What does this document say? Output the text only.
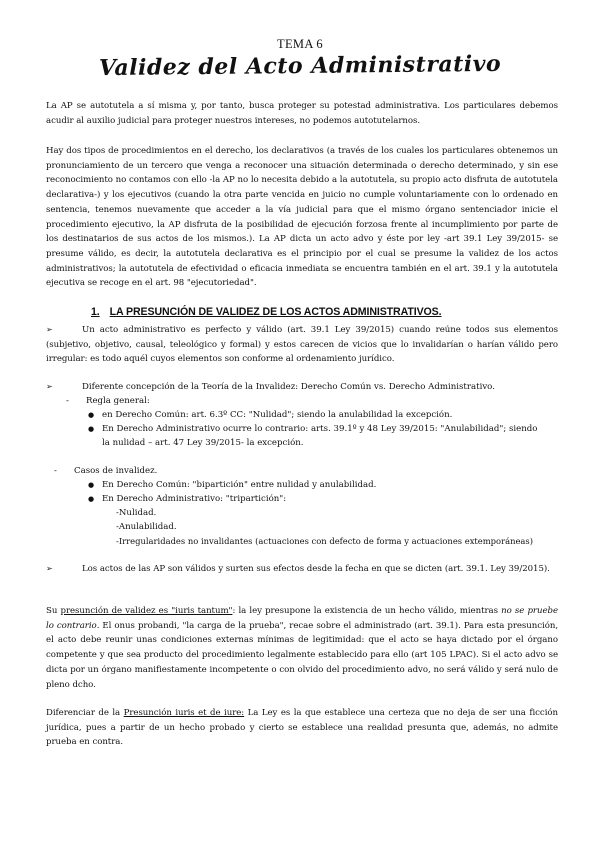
TEMA 6
Validez del Acto Administrativo

La AP se autotutela a sí misma y, por tanto, busca proteger su potestad administrativa. Los particulares debemos acudir al auxilio judicial para proteger nuestros intereses, no podemos autotutelarnos.

Hay dos tipos de procedimientos en el derecho, los declarativos (a través de los cuales los particulares obtenemos un pronunciamiento de un tercero que venga a reconocer una situación determinada o derecho determinado, y sin ese reconocimiento no contamos con ello -la AP no lo necesita debido a la autotutela, su propio acto disfruta de autotutela declarativa-) y los ejecutivos (cuando la otra parte vencida en juicio no cumple voluntariamente con lo ordenado en sentencia, tenemos nuevamente que acceder a la vía judicial para que el mismo órgano sentenciador inicie el procedimiento ejecutivo, la AP disfruta de la posibilidad de ejecución forzosa frente al incumplimiento por parte de los destinatarios de sus actos de los mismos.). La AP dicta un acto advo y éste por ley -art 39.1 Ley 39/2015- se presume válido, es decir, la autotutela declarativa es el principio por el cual se presume la validez de los actos administrativos; la autotutela de efectividad o eficacia inmediata se encuentra también en el art. 39.1 y la autotutela ejecutiva se recoge en el art. 98 "ejecutoriedad".

1. LA PRESUNCIÓN DE VALIDEZ DE LOS ACTOS ADMINISTRATIVOS.

➢	Un acto administrativo es perfecto y válido (art. 39.1 Ley 39/2015) cuando reúne todos sus elementos (subjetivo, objetivo, causal, teleológico y formal) y estos carecen de vicios que lo invalidarían o harían válido pero irregular: es todo aquél cuyos elementos son conforme al ordenamiento jurídico.

➢	Diferente concepción de la Teoría de la Invalidez: Derecho Común vs. Derecho Administrativo.
- Regla general:
● en Derecho Común: art. 6.3º CC: "Nulidad"; siendo la anulabilidad la excepción.
● En Derecho Administrativo ocurre lo contrario: arts. 39.1º y 48 Ley 39/2015: "Anulabilidad"; siendo
la nulidad – art. 47 Ley 39/2015- la excepción.
- Casos de invalidez.
● En Derecho Común: "bipartición" entre nulidad y anulabilidad.
● En Derecho Administrativo: "tripartición":
-Nulidad.
-Anulabilidad.
-Irregularidades no invalidantes (actuaciones con defecto de forma y actuaciones extemporáneas)

➢	Los actos de las AP son válidos y surten sus efectos desde la fecha en que se dicten (art. 39.1. Ley 39/2015).

Su presunción de validez es "iuris tantum": la ley presupone la existencia de un hecho válido, mientras no se pruebe lo contrario. El onus probandi, "la carga de la prueba", recae sobre el administrado (art. 39.1). Para esta presunción, el acto debe reunir unas condiciones externas mínimas de legitimidad: que el acto se haya dictado por el órgano competente y que sea producto del procedimiento legalmente establecido para ello (art 105 LPAC). Si el acto advo se dicta por un órgano manifiestamente incompetente o con olvido del procedimiento advo, no será válido y será nulo de pleno dcho.

Diferenciar de la Presunción iuris et de iure: La Ley es la que establece una certeza que no deja de ser una ficción jurídica, pues a partir de un hecho probado y cierto se establece una realidad presunta que, además, no admite prueba en contra.
